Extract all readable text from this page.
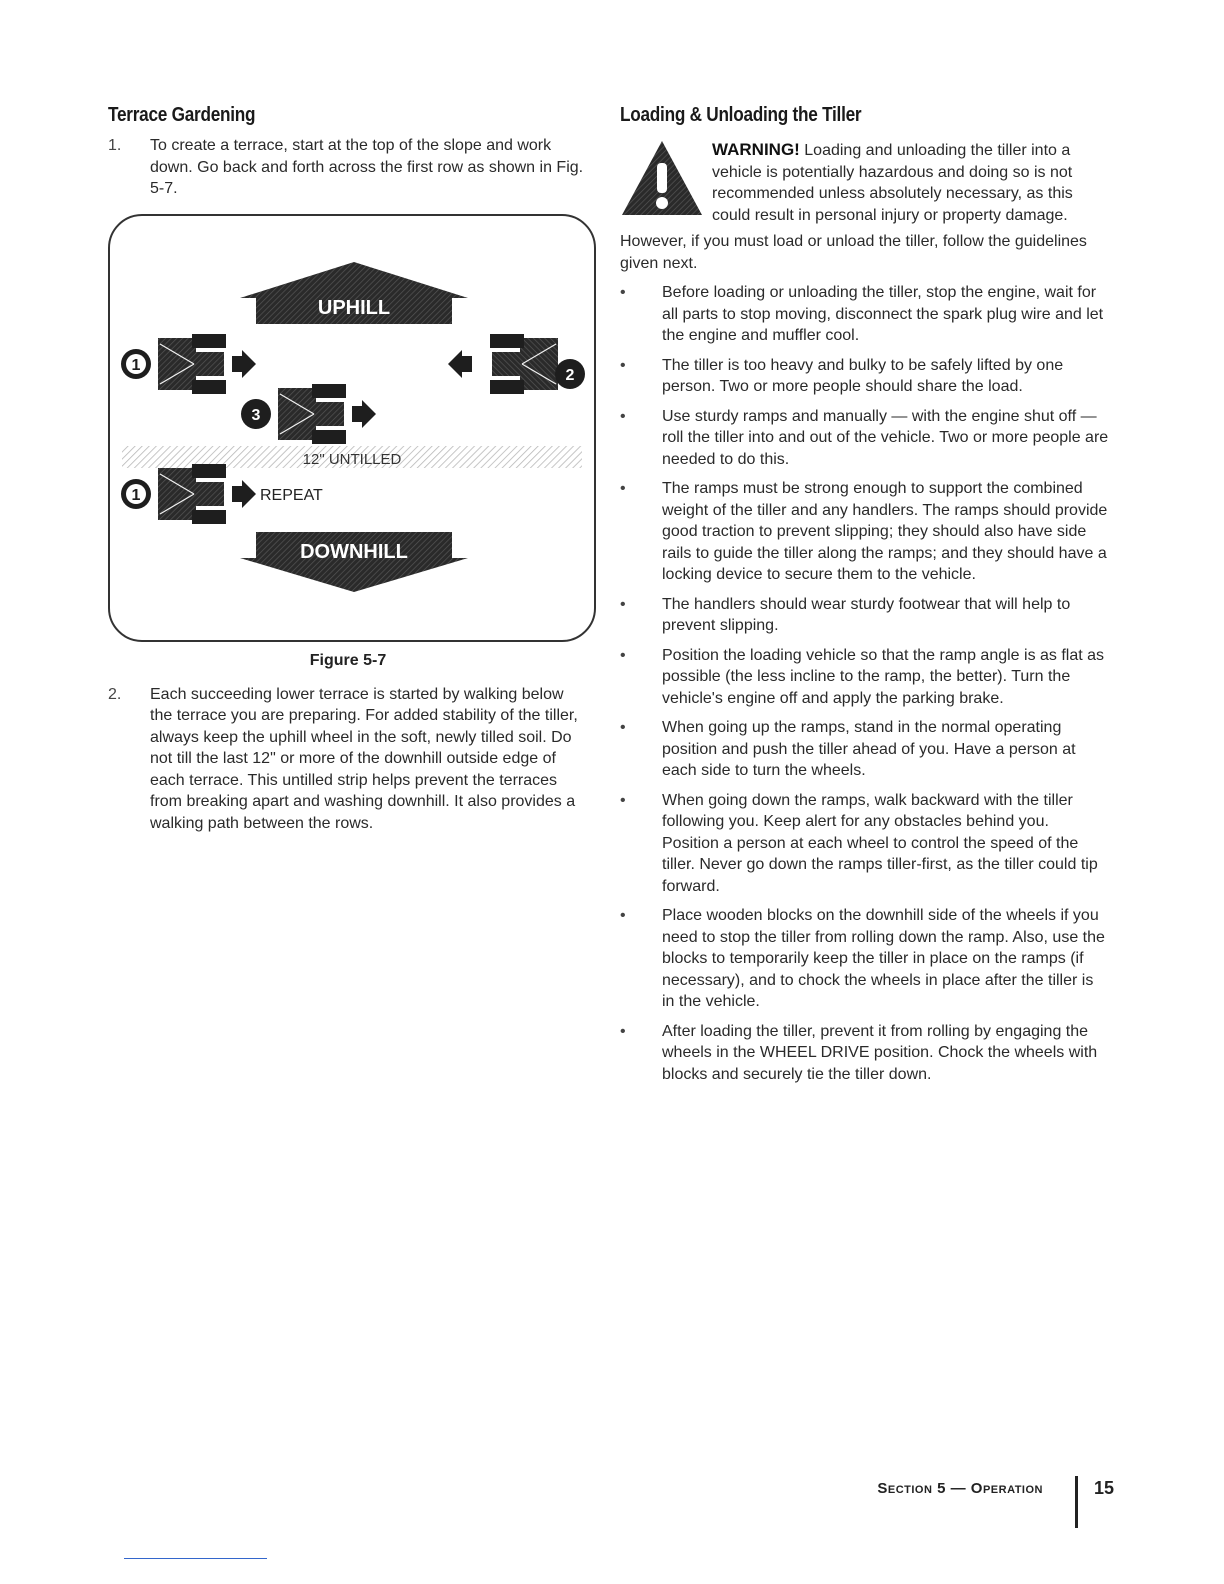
Terrace Gardening
1.	To create a terrace, start at the top of the slope and work down. Go back and forth across the first row as shown in Fig. 5-7.
UPHILL
1
2
3
12" UNTILLED
1	REPEAT
DOWNHILL
Figure 5-7
2.	Each succeeding lower terrace is started by walking below the terrace you are preparing. For added stability of the tiller, always keep the uphill wheel in the soft, newly tilled soil. Do not till the last 12" or more of the downhill outside edge of each terrace. This untilled strip helps prevent the terraces from breaking apart and washing downhill. It also provides a walking path between the rows.
Loading & Unloading the Tiller
WARNING! Loading and unloading the tiller into a vehicle is potentially hazardous and doing so is not recommended unless absolutely necessary, as this could result in personal injury or property damage.
However, if you must load or unload the tiller, follow the guidelines given next.
•	Before loading or unloading the tiller, stop the engine, wait for all parts to stop moving, disconnect the spark plug wire and let the engine and muffler cool.
•	The tiller is too heavy and bulky to be safely lifted by one person. Two or more people should share the load.
•	Use sturdy ramps and manually — with the engine shut off — roll the tiller into and out of the vehicle. Two or more people are needed to do this.
•	The ramps must be strong enough to support the combined weight of the tiller and any handlers. The ramps should provide good traction to prevent slipping; they should also have side rails to guide the tiller along the ramps; and they should have a locking device to secure them to the vehicle.
•	The handlers should wear sturdy footwear that will help to prevent slipping.
•	Position the loading vehicle so that the ramp angle is as flat as possible (the less incline to the ramp, the better). Turn the vehicle's engine off and apply the parking brake.
•	When going up the ramps, stand in the normal operating position and push the tiller ahead of you. Have a person at each side to turn the wheels.
•	When going down the ramps, walk backward with the tiller following you. Keep alert for any obstacles behind you. Position a person at each wheel to control the speed of the tiller. Never go down the ramps tiller-first, as the tiller could tip forward.
•	Place wooden blocks on the downhill side of the wheels if you need to stop the tiller from rolling down the ramp. Also, use the blocks to temporarily keep the tiller in place on the ramps (if necessary), and to chock the wheels in place after the tiller is in the vehicle.
•	After loading the tiller, prevent it from rolling by engaging the wheels in the WHEEL DRIVE position. Chock the wheels with blocks and securely tie the tiller down.
Section 5 — Operation	15
